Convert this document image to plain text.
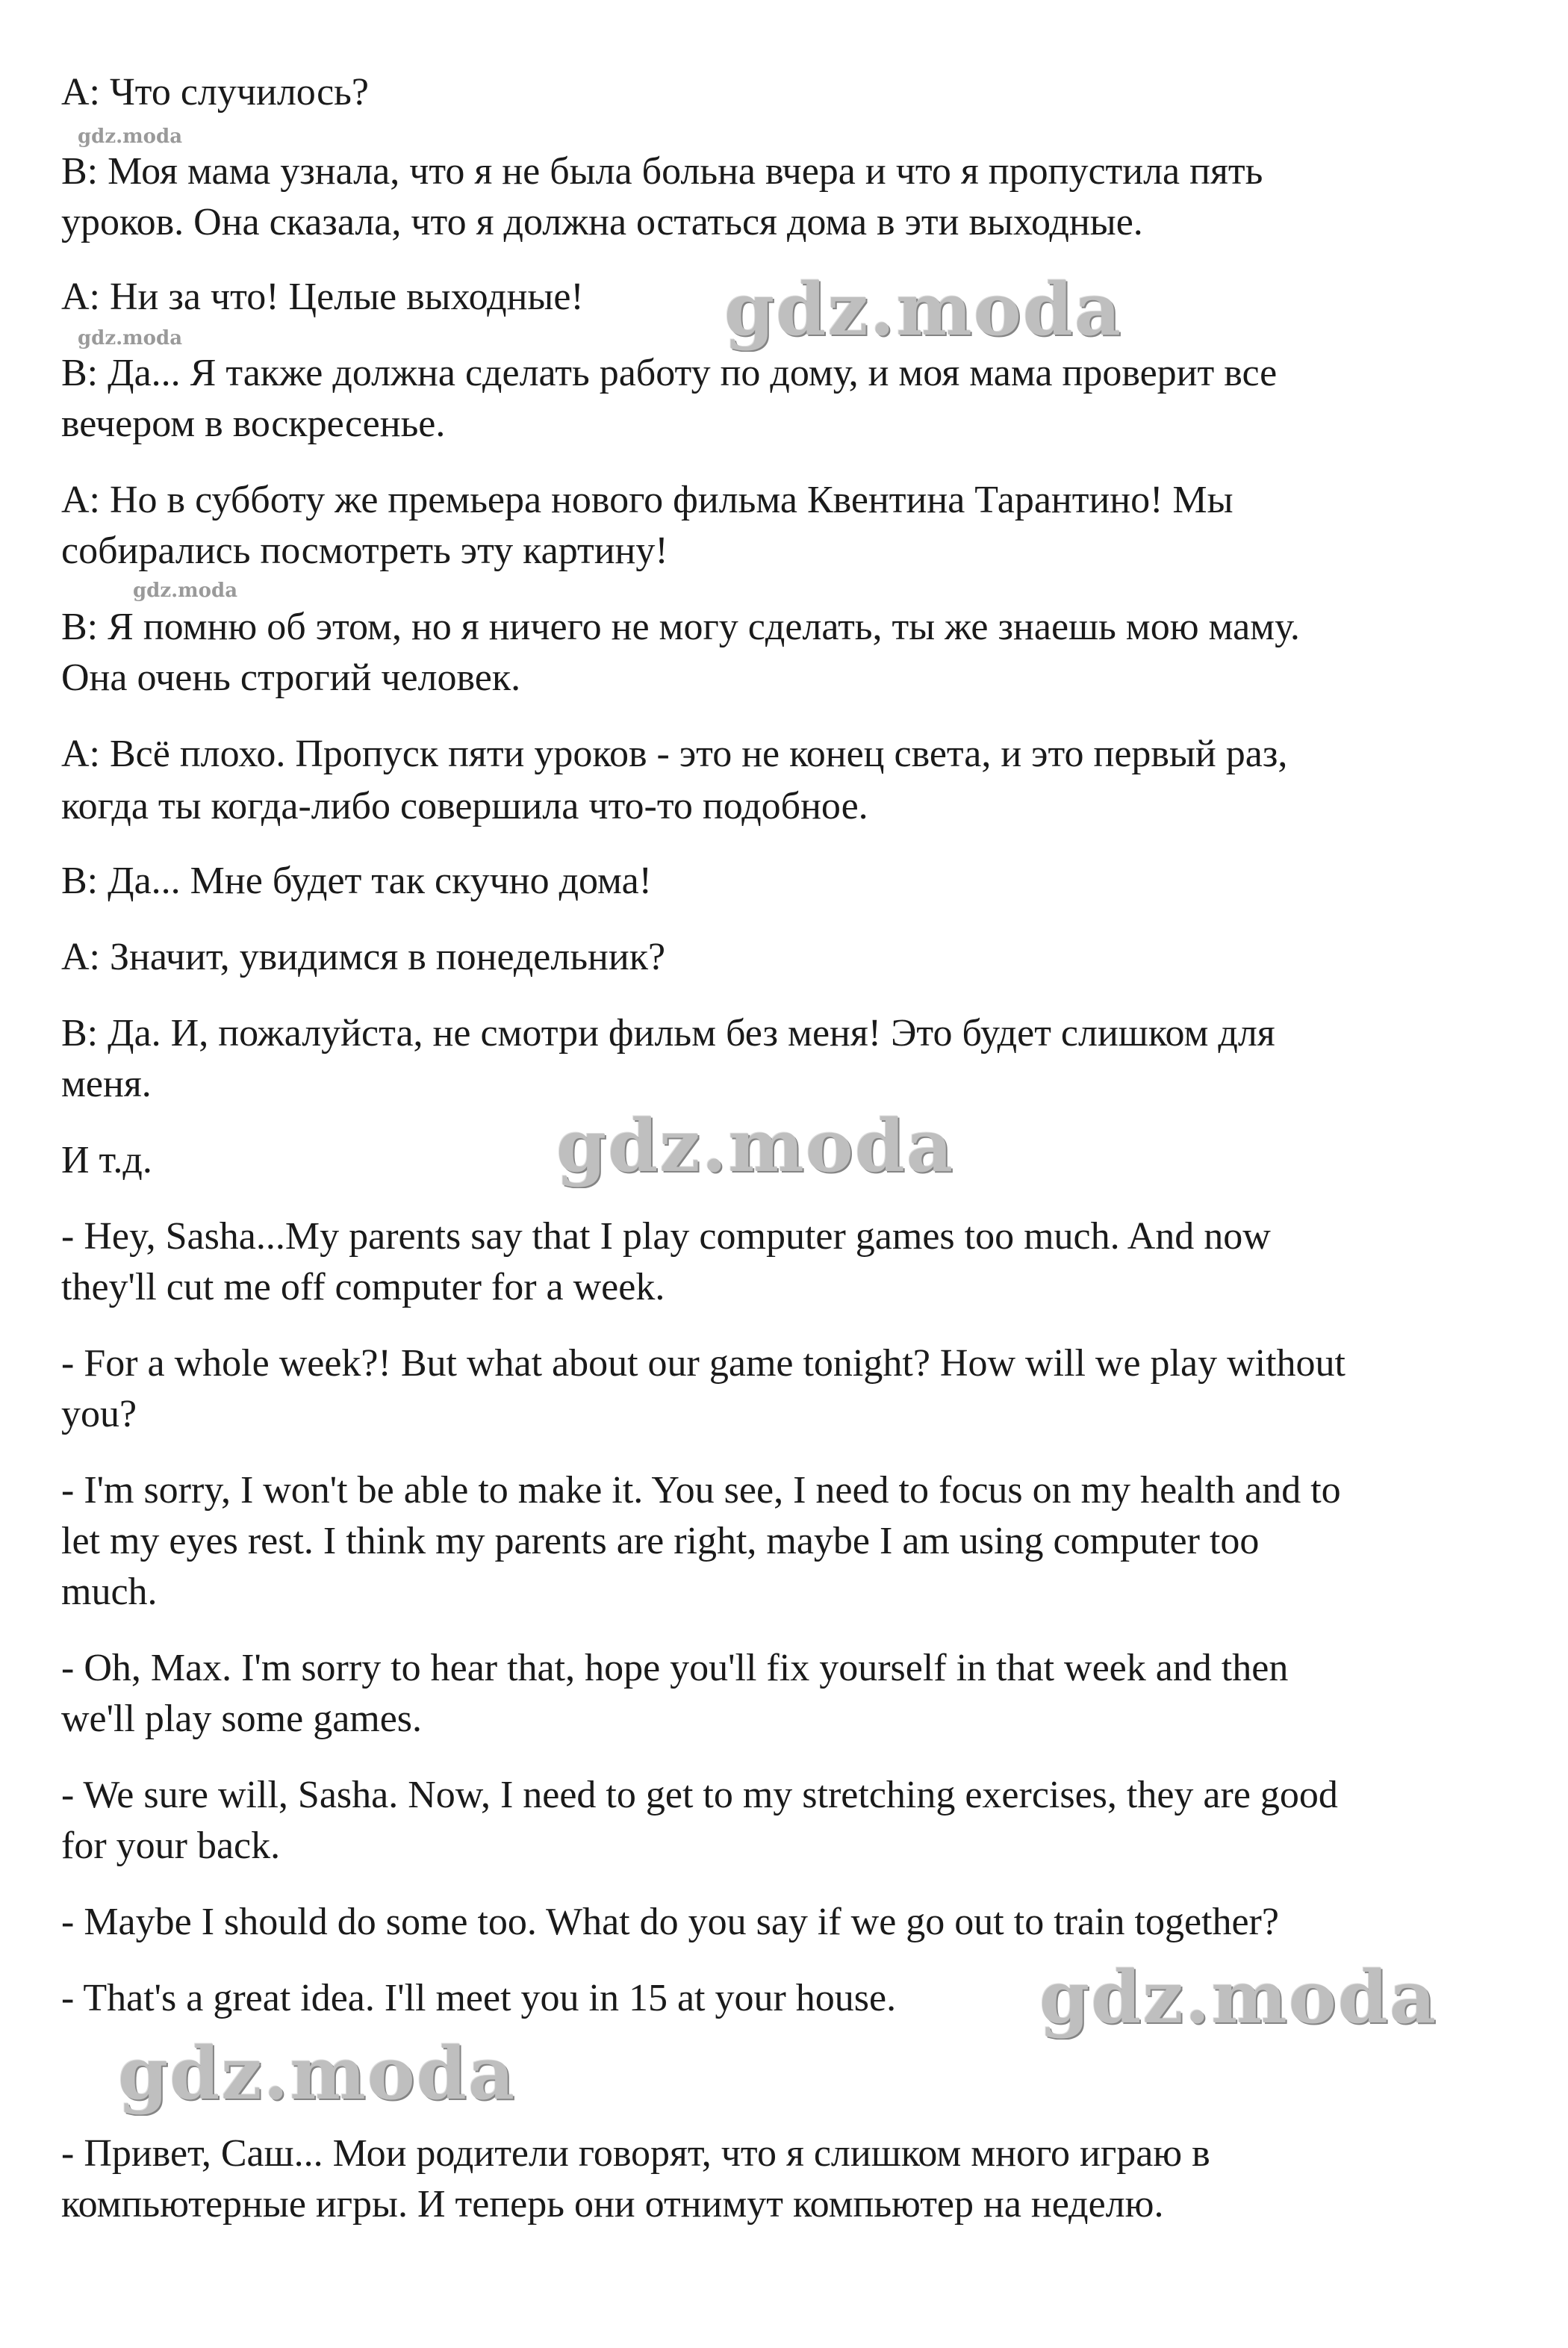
A: Что случилось?
B: Моя мама узнала, что я не была больна вчера и что я пропустила пять
уроков. Она сказала, что я должна остаться дома в эти выходные.
A: Ни за что! Целые выходные!
B: Да... Я также должна сделать работу по дому, и моя мама проверит все
вечером в воскресенье.
A: Но в субботу же премьера нового фильма Квентина Тарантино! Мы
собирались посмотреть эту картину!
B: Я помню об этом, но я ничего не могу сделать, ты же знаешь мою маму.
Она очень строгий человек.
A: Всё плохо. Пропуск пяти уроков - это не конец света, и это первый раз,
когда ты когда-либо совершила что-то подобное.
B: Да... Мне будет так скучно дома!
A: Значит, увидимся в понедельник?
B: Да. И, пожалуйста, не смотри фильм без меня! Это будет слишком для
меня.
И т.д.
- Hey, Sasha...My parents say that I play computer games too much. And now
they'll cut me off computer for a week.
- For a whole week?! But what about our game tonight? How will we play without
you?
- I'm sorry, I won't be able to make it. You see, I need to focus on my health and to
let my eyes rest. I think my parents are right, maybe I am using computer too
much.
- Oh, Max. I'm sorry to hear that, hope you'll fix yourself in that week and then
we'll play some games.
- We sure will, Sasha. Now, I need to get to my stretching exercises, they are good
for your back.
- Maybe I should do some too. What do you say if we go out to train together?
- That's a great idea. I'll meet you in 15 at your house.
- Привет, Саш... Мои родители говорят, что я слишком много играю в
компьютерные игры. И теперь они отнимут компьютер на неделю.
gdz.moda
gdz.moda
gdz.moda
gdz.moda
gdz.moda
gdz.moda
gdz.moda
